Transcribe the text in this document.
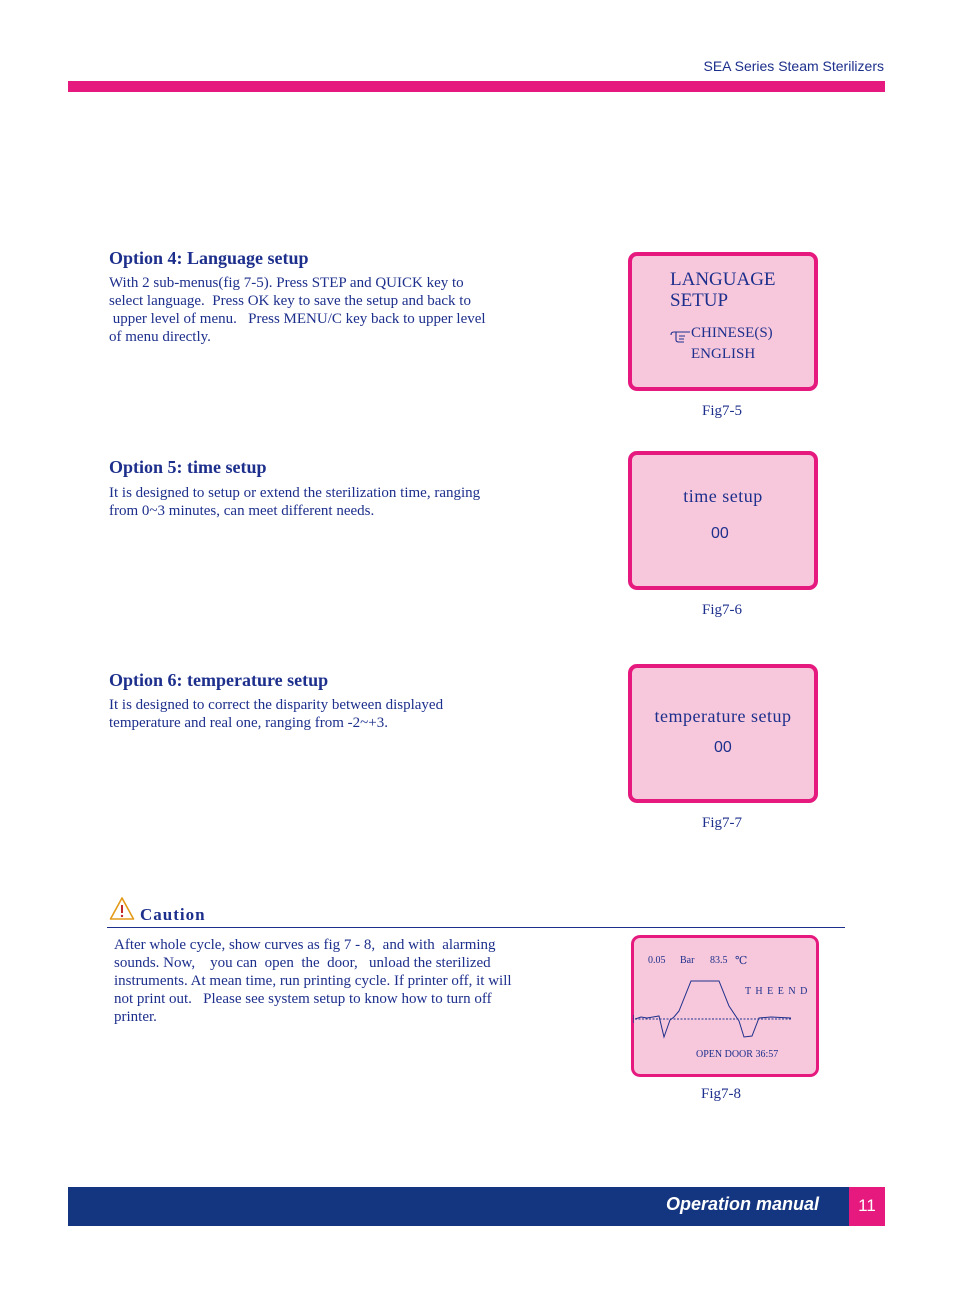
SEA Series Steam Sterilizers
Option 4: Language setup
With 2 sub-menus(fig 7-5). Press STEP and QUICK key to
select language.  Press OK key to save the setup and back to
upper level of menu.   Press MENU/C key back to upper level
of menu directly.
LANGUAGE
SETUP
CHINESE(S)
ENGLISH
Fig7-5
Option 5: time setup
It is designed to setup or extend the sterilization time, ranging
from 0~3 minutes, can meet different needs.
time setup
00
Fig7-6
Option 6: temperature setup
It is designed to correct the disparity between displayed
temperature and real one, ranging from -2~+3.	temperature setup
00
Fig7-7
Caution
After whole cycle, show curves as fig 7 - 8,  and with  alarming
sounds. Now,    you can  open  the  door,   unload the sterilized
instruments. At mean time, run printing cycle. If printer off, it will
not print out.   Please see system setup to know how to turn off
printer.
0.05 Bar 83.5 ℃
T H E E N D
OPEN DOOR 36:57
Fig7-8
Operation manual	11
